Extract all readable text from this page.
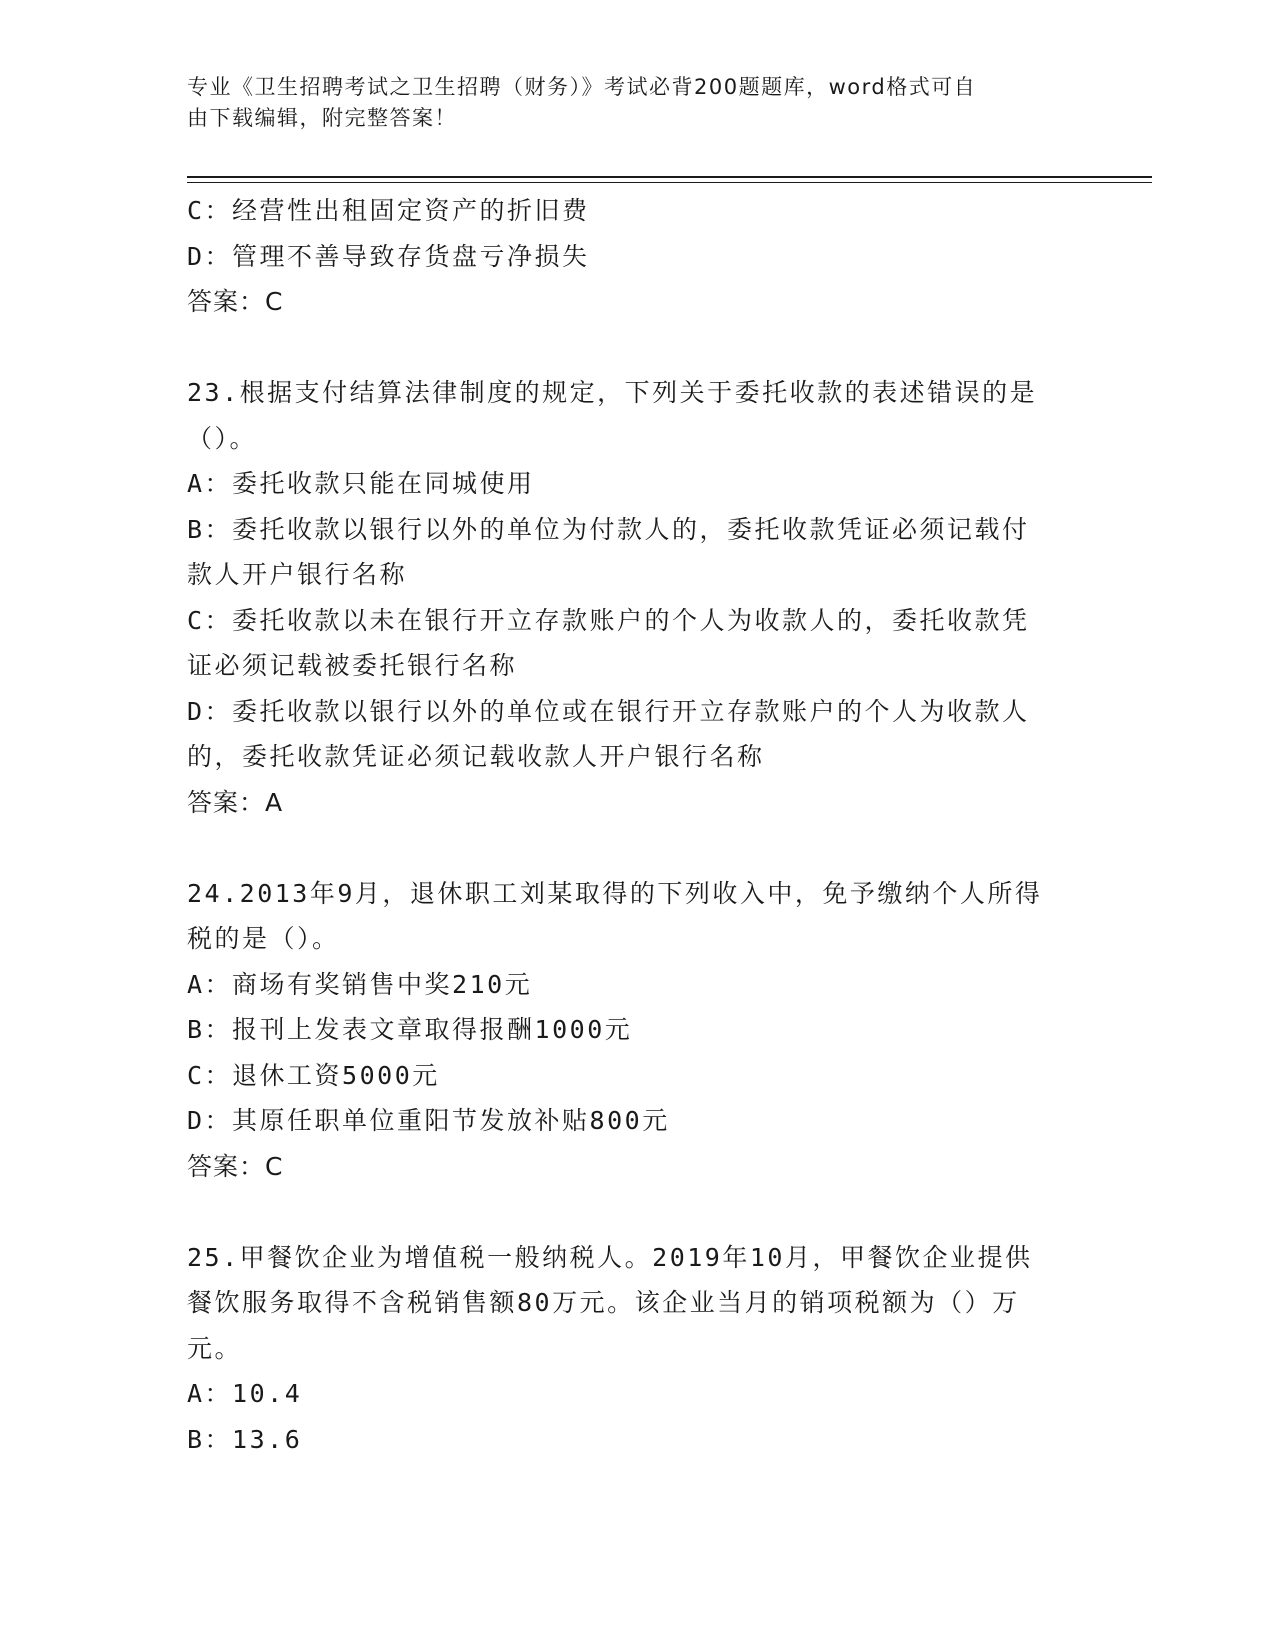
专业《卫生招聘考试之卫生招聘（财务）》考试必背200题题库，word格式可自
由下载编辑，附完整答案！

C：经营性出租固定资产的折旧费

D：管理不善导致存货盘亏净损失

答案：C

23.根据支付结算法律制度的规定，下列关于委托收款的表述错误的是

（）。

A：委托收款只能在同城使用

B：委托收款以银行以外的单位为付款人的，委托收款凭证必须记载付

款人开户银行名称

C：委托收款以未在银行开立存款账户的个人为收款人的，委托收款凭

证必须记载被委托银行名称

D：委托收款以银行以外的单位或在银行开立存款账户的个人为收款人

的，委托收款凭证必须记载收款人开户银行名称

答案：A

24.2013年9月，退休职工刘某取得的下列收入中，免予缴纳个人所得

税的是（）。

A：商场有奖销售中奖210元

B：报刊上发表文章取得报酬1000元

C：退休工资5000元

D：其原任职单位重阳节发放补贴800元

答案：C

25.甲餐饮企业为增值税一般纳税人。2019年10月，甲餐饮企业提供

餐饮服务取得不含税销售额80万元。该企业当月的销项税额为（）万

元。

A：10.4

B：13.6
